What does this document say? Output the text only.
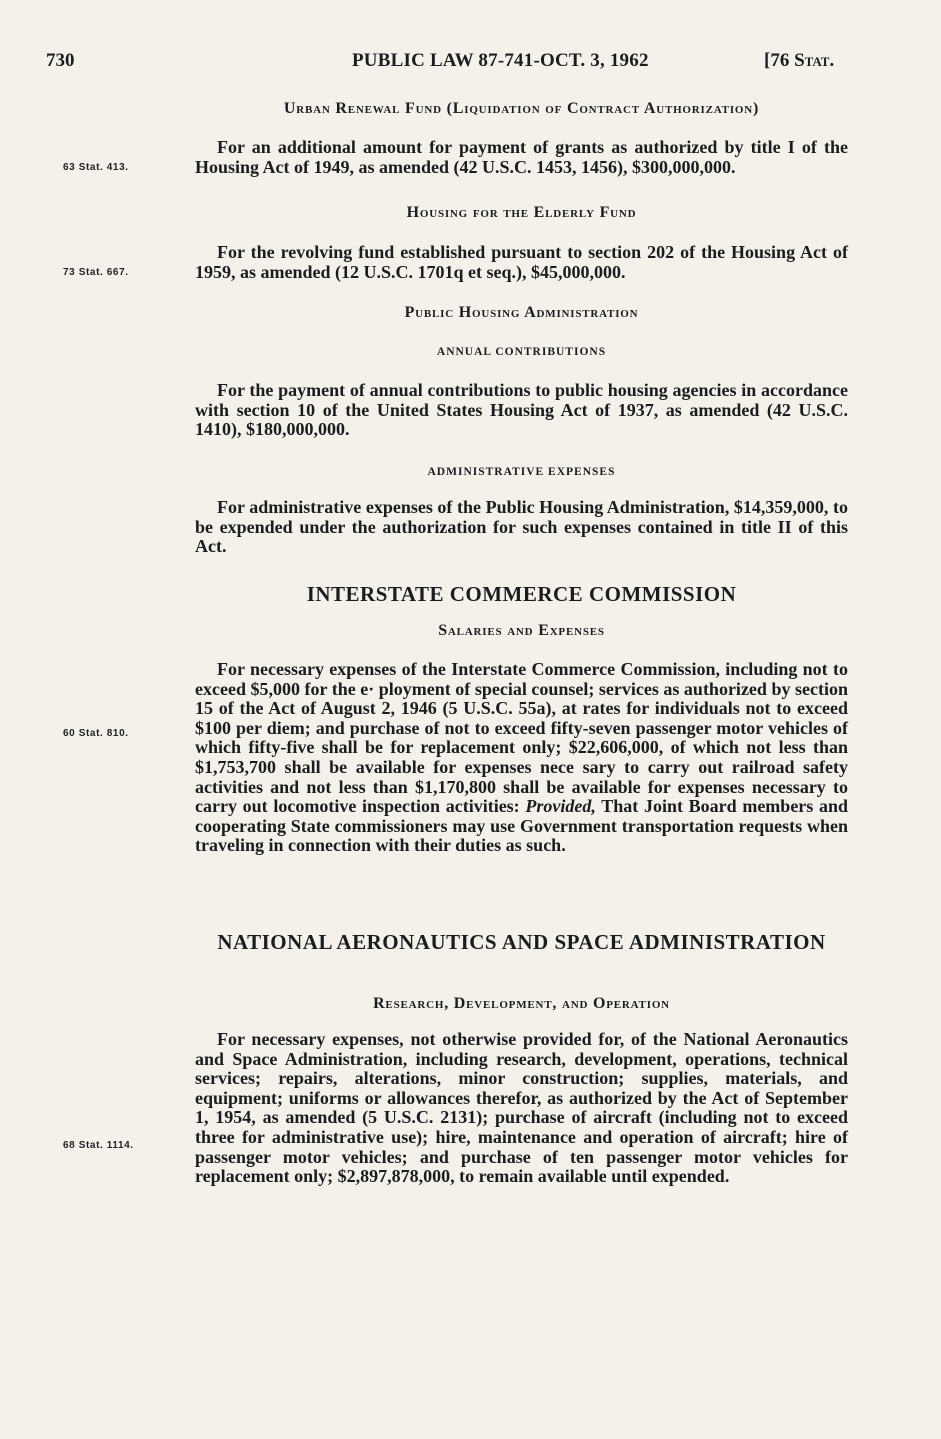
730	PUBLIC LAW 87-741-OCT. 3, 1962	[76 Stat.
63 Stat. 413.
73 Stat. 667.
60 Stat. 810.
68 Stat. 1114.

Urban Renewal Fund (Liquidation of Contract Authorization)

For an additional amount for payment of grants as authorized by title I of the Housing Act of 1949, as amended (42 U.S.C. 1453, 1456), $300,000,000.

Housing for the Elderly Fund

For the revolving fund established pursuant to section 202 of the Housing Act of 1959, as amended (12 U.S.C. 1701q et seq.), $45,000,000.

Public Housing Administration

ANNUAL CONTRIBUTIONS

For the payment of annual contributions to public housing agencies in accordance with section 10 of the United States Housing Act of 1937, as amended (42 U.S.C. 1410), $180,000,000.

ADMINISTRATIVE EXPENSES

For administrative expenses of the Public Housing Administration, $14,359,000, to be expended under the authorization for such expenses contained in title II of this Act.

INTERSTATE COMMERCE COMMISSION

Salaries and Expenses

For necessary expenses of the Interstate Commerce Commission, including not to exceed $5,000 for the e· ployment of special counsel; services as authorized by section 15 of the Act of August 2, 1946 (5 U.S.C. 55a), at rates for individuals not to exceed $100 per diem; and purchase of not to exceed fifty-seven passenger motor vehicles of which fifty-five shall be for replacement only; $22,606,000, of which not less than $1,753,700 shall be available for expenses nece sary to carry out railroad safety activities and not less than $1,170,800 shall be available for expenses necessary to carry out locomotive inspection activities: Provided, That Joint Board members and cooperating State commissioners may use Government transportation requests when traveling in connection with their duties as such.

NATIONAL AERONAUTICS AND SPACE ADMINISTRATION

Research, Development, and Operation

For necessary expenses, not otherwise provided for, of the National Aeronautics and Space Administration, including research, development, operations, technical services; repairs, alterations, minor construction; supplies, materials, and equipment; uniforms or allowances therefor, as authorized by the Act of September 1, 1954, as amended (5 U.S.C. 2131); purchase of aircraft (including not to exceed three for administrative use); hire, maintenance and operation of aircraft; hire of passenger motor vehicles; and purchase of ten passenger motor vehicles for replacement only; $2,897,878,000, to remain available until expended.
